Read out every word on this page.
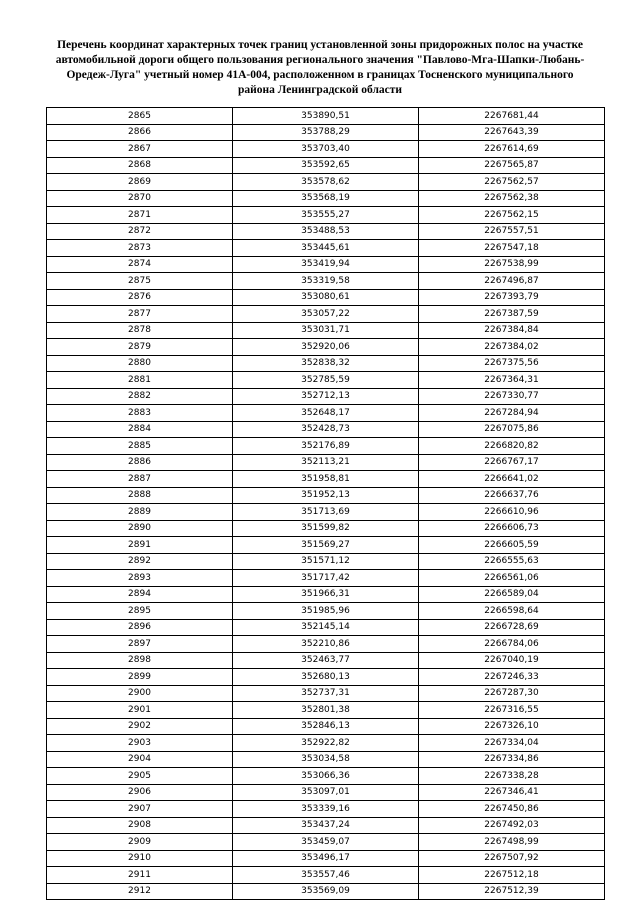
Перечень координат характерных точек границ установленной зоны придорожных полос на участке
автомобильной дороги общего пользования регионального значения "Павлово-Мга-Шапки-Любань-
Оредеж-Луга" учетный номер 41А-004, расположенном в границах Тосненского муниципального
района Ленинградской области
2865	353890,51	2267681,44
2866	353788,29	2267643,39
2867	353703,40	2267614,69
2868	353592,65	2267565,87
2869	353578,62	2267562,57
2870	353568,19	2267562,38
2871	353555,27	2267562,15
2872	353488,53	2267557,51
2873	353445,61	2267547,18
2874	353419,94	2267538,99
2875	353319,58	2267496,87
2876	353080,61	2267393,79
2877	353057,22	2267387,59
2878	353031,71	2267384,84
2879	352920,06	2267384,02
2880	352838,32	2267375,56
2881	352785,59	2267364,31
2882	352712,13	2267330,77
2883	352648,17	2267284,94
2884	352428,73	2267075,86
2885	352176,89	2266820,82
2886	352113,21	2266767,17
2887	351958,81	2266641,02
2888	351952,13	2266637,76
2889	351713,69	2266610,96
2890	351599,82	2266606,73
2891	351569,27	2266605,59
2892	351571,12	2266555,63
2893	351717,42	2266561,06
2894	351966,31	2266589,04
2895	351985,96	2266598,64
2896	352145,14	2266728,69
2897	352210,86	2266784,06
2898	352463,77	2267040,19
2899	352680,13	2267246,33
2900	352737,31	2267287,30
2901	352801,38	2267316,55
2902	352846,13	2267326,10
2903	352922,82	2267334,04
2904	353034,58	2267334,86
2905	353066,36	2267338,28
2906	353097,01	2267346,41
2907	353339,16	2267450,86
2908	353437,24	2267492,03
2909	353459,07	2267498,99
2910	353496,17	2267507,92
2911	353557,46	2267512,18
2912	353569,09	2267512,39
